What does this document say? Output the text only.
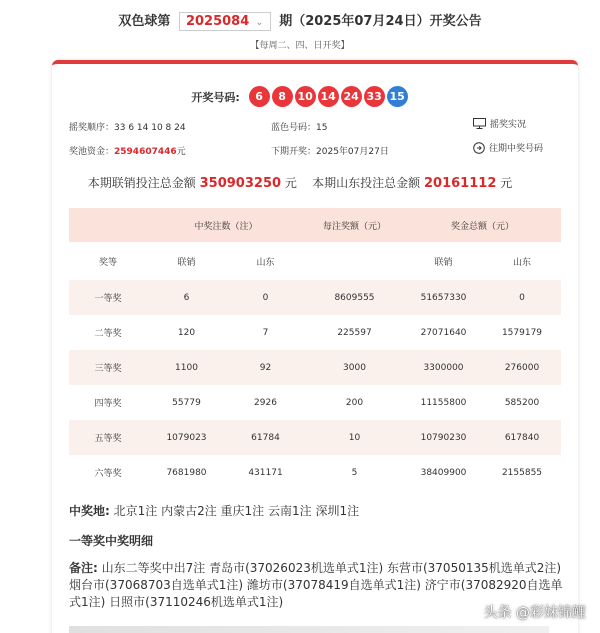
双色球第 2025084 ⌄ 期（2025年07月24日）开奖公告
【每周二、四、日开奖】
开奖号码: 6 8 10 14 24 33 15
摇奖顺序：33 6 14 10 8 24	蓝色号码：15	摇奖实况
奖池资金：2594607446元	下期开奖：2025年07月27日	往期中奖号码
本期联销投注总金额 350903250 元 本期山东投注总金额 20161112 元
	中奖注数（注）		每注奖额（元）	奖金总额（元）	
奖等	联销	山东		联销	山东
一等奖	6	0	8609555	51657330	0
二等奖	120	7	225597	27071640	1579179
三等奖	1100	92	3000	3300000	276000
四等奖	55779	2926	200	11155800	585200
五等奖	1079023	61784	10	10790230	617840
六等奖	7681980	431171	5	38409900	2155855
中奖地: 北京1注 内蒙古2注 重庆1注 云南1注 深圳1注
一等奖中奖明细
备注: 山东二等奖中出7注 青岛市(37026023机选单式1注) 东营市(37050135机选单式2注) 烟台市(37068703自选单式1注) 潍坊市(37078419自选单式1注) 济宁市(37082920自选单式1注) 日照市(37110246机选单式1注)
头条 @彩妹锦鲤
